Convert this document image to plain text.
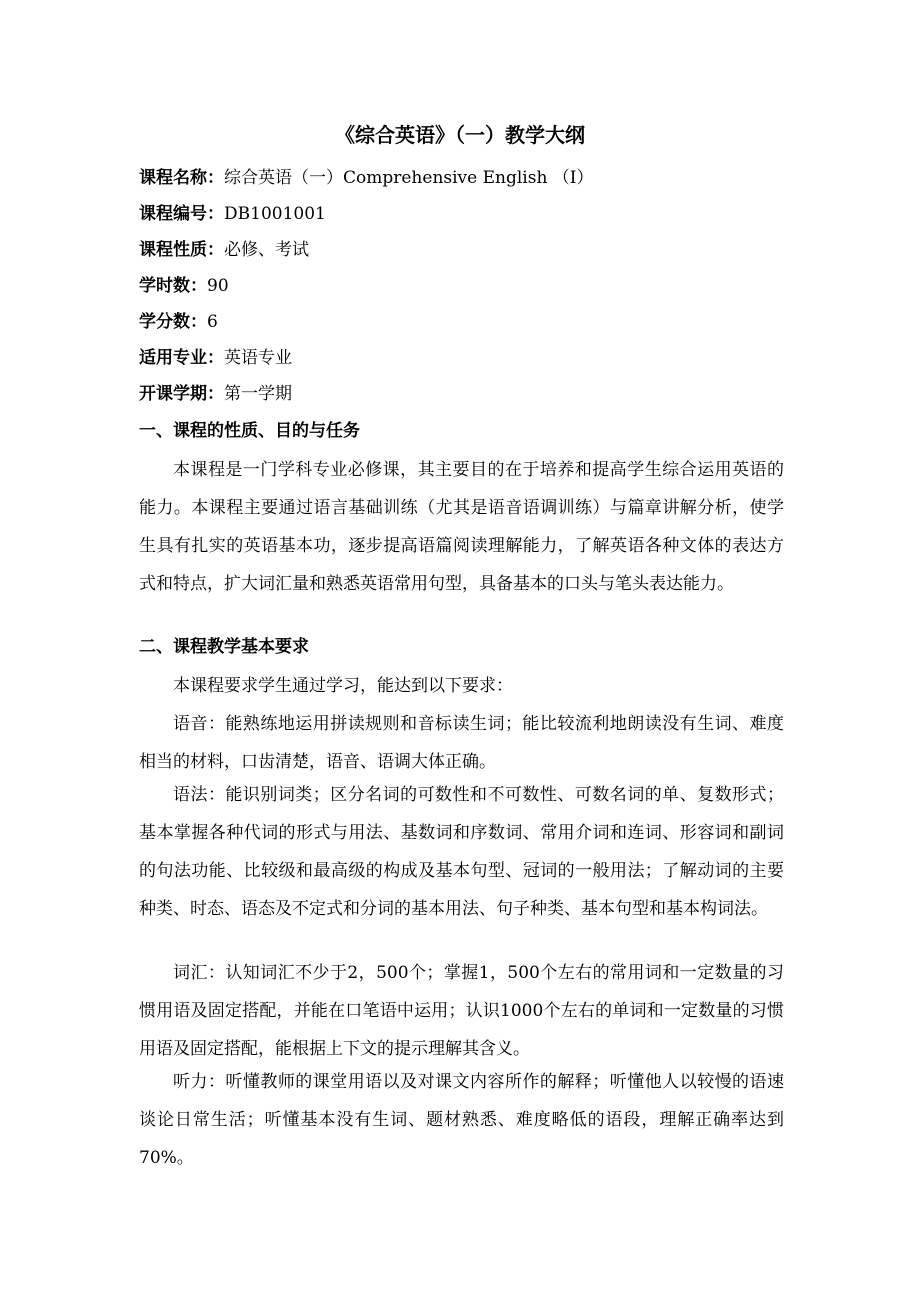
《综合英语》（一）教学大纲
课程名称：综合英语（一）Comprehensive English （I）
课程编号：DB1001001
课程性质：必修、考试
学时数：90
学分数：6
适用专业：英语专业
开课学期：第一学期
一、课程的性质、目的与任务

本课程是一门学科专业必修课，其主要目的在于培养和提高学生综合运用英语的能力。本课程主要通过语言基础训练（尤其是语音语调训练）与篇章讲解分析，使学生具有扎实的英语基本功，逐步提高语篇阅读理解能力，了解英语各种文体的表达方式和特点，扩大词汇量和熟悉英语常用句型，具备基本的口头与笔头表达能力。

二、课程教学基本要求

本课程要求学生通过学习，能达到以下要求：

语音：能熟练地运用拼读规则和音标读生词；能比较流利地朗读没有生词、难度相当的材料，口齿清楚，语音、语调大体正确。

语法：能识别词类；区分名词的可数性和不可数性、可数名词的单、复数形式；基本掌握各种代词的形式与用法、基数词和序数词、常用介词和连词、形容词和副词的句法功能、比较级和最高级的构成及基本句型、冠词的一般用法；了解动词的主要种类、时态、语态及不定式和分词的基本用法、句子种类、基本句型和基本构词法。

词汇：认知词汇不少于2，500个；掌握1，500个左右的常用词和一定数量的习惯用语及固定搭配，并能在口笔语中运用；认识1000个左右的单词和一定数量的习惯用语及固定搭配，能根据上下文的提示理解其含义。

听力：听懂教师的课堂用语以及对课文内容所作的解释；听懂他人以较慢的语速谈论日常生活；听懂基本没有生词、题材熟悉、难度略低的语段，理解正确率达到70%。
